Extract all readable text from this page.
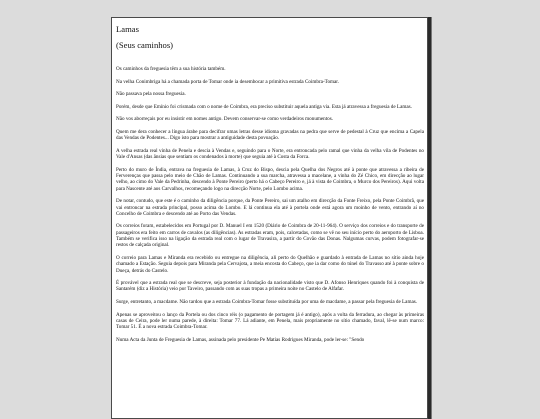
Lamas
(Seus caminhos)

Os caminhos da freguesia têm a sua história também.

Na velha Conimbriga há a chamada porta de Tomar onde ia desembocar a primitiva estrada Coimbra-Tomar.

Não passava pela nossa freguesia.

Porém, desde que Emínio foi crismada com o nome de Coimbra, era preciso substituir aquela antiga via. Esta já atravessa a freguesia de Lamas.

Não vos aborreçais por eu insistir em nomes antigo. Devem conservar-se como verdadeiros monumentos.

Quem me dera conhecer a língua árabe para decifrar umas letras desse idioma gravadas na pedra que serve de pedestal à Cruz que encima a Capela das Vendas de Podentes... Digo isto para mostrar a antiguidade desta povoação.

A velha estrada real vinha de Penela e descia à Vendas e, seguindo para o Norte, era entroncada pelo ramal que vinha da velha vila de Podentes no Vale d'Ansas (das ânsias que sentiam os condenados à morte) que seguia até à Costa da Forca.

Perto do muro de Índia, entrava na freguesia de Lamas, à Cruz do Bispo, descia pela Quelha dos Negros até à ponte que atravessa a ribeira de Ferverenças que passa pelo meio de Chão de Lamas. Continuando a sua marcha, atravessa a macelane, a vinha do Zé Chico, em direcção ao lugar velho, ao cimo do Vale da Pedrinha, descendo à Ponte Pereiro (perto há o Cabeço Pereiro e, já à vista de Coimbra, o Murco dos Pereiros). Aqui volta para Nascente até aos Carvalhos, recomeçando logo na direcção Norte, pelo Lombo acima.

De notar, contudo, que este é o caminho da diligência porque, da Ponte Pereiro, sai um atalho em direcção da Fonte Freixo, pela Ponte Coimbrã, que vai entroncar na estrada principal, posso acima do Lombo. E lá continua ela até à portela onde está agora um moinho de vento, entrando aí no Concelho de Coimbra e descendo até ao Porto das Vendas.

Os correios foram, estabelecidos em Portugal por D. Manuel I em 1520 (Diário de Coimbra de 20-11-964). O serviço dos correios e do transporte de passageiros era feito em carros de cavalos (as diligências). As estradas eram, pois, calcetadas, como se vê no seu início perto do aeroporto de Lisboa. Também se verifica isso na ligação da estrada real com o lugar de Travasira, a partir do Covão das Donas. Nalgumas curvas, podem fotografar-se restos de calçada original.

O correio para Lamas e Miranda era recebido ou entregue na diligência, ali perto do Quelhão e guardado à entrada de Lamas no sítio ainda hoje chamado a Estação. Seguia depois para Miranda pela Cervajota, a meia encosta do Cabeço, que ia dar como do túnel do Travasso até à ponte sobre o Dueça, detrás do Castelo.

É provável que a estrada real que se descreve, seja posterior à fundação da nacionalidade visto que D. Afonso Henriques quando foi à conquista de Santarém (diz a História) veio por Taveiro, passando com as suas tropas a primeira noite no Castelo de Alfafar.

Surge, entretanto, a macdame. Não tardou que a estrada Coimbra-Tomar fosse substituída por uma de macdame, a passar pela freguesia de Lamas.

Apenas se aproveitou o lanço da Portela ou dos cinco réis (o pagamento de portagem já é antigo), após a volta da ferradura, ao chegar às primeiras casas de Ceira, pode ler numa parede, à direita: Tomar 77. Lá adiante, em Penela, mais propriamente no sítio chamado, faval, lê-se num marco: Tomar 51. É a nova estrada Coimbra-Tomar.

Numa Acta da Junta de Freguesia de Lamas, assinada pelo presidente Pe Matias Rodrigues Miranda, pode ler-se: "Sendo
